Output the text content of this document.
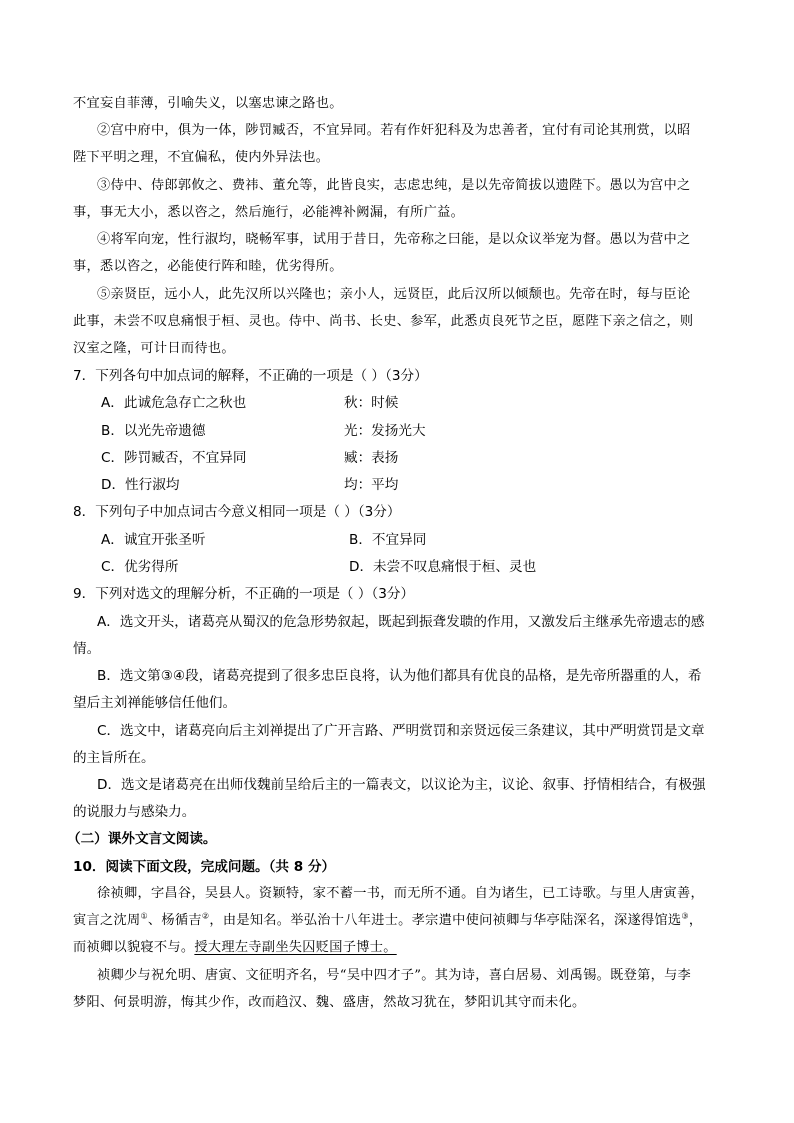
不宜妄自菲薄，引喻失义，以塞忠谏之路也。
②宫中府中，俱为一体，陟罚臧否，不宜异同。若有作奸犯科及为忠善者，宜付有司论其刑赏，以昭
陛下平明之理，不宜偏私，使内外异法也。
③侍中、侍郎郭攸之、费祎、董允等，此皆良实，志虑忠纯，是以先帝简拔以遗陛下。愚以为宫中之
事，事无大小，悉以咨之，然后施行，必能裨补阙漏，有所广益。
④将军向宠，性行淑均，晓畅军事，试用于昔日，先帝称之曰能，是以众议举宠为督。愚以为营中之
事，悉以咨之，必能使行阵和睦，优劣得所。
⑤亲贤臣，远小人，此先汉所以兴隆也；亲小人，远贤臣，此后汉所以倾颓也。先帝在时，每与臣论
此事，未尝不叹息痛恨于桓、灵也。侍中、尚书、长史、参军，此悉贞良死节之臣，愿陛下亲之信之，则
汉室之隆，可计日而待也。
7．下列各句中加点词的解释，不正确的一项是（ ）（3分）
A．此诚危急存亡之秋也	秋：时候
B．以光先帝遗德	光：发扬光大
C．陟罚臧否，不宜异同	臧：表扬
D．性行淑均	均：平均
8．下列句子中加点词古今意义相同一项是（ ）（3分）
A．诚宜开张圣听	B．不宜异同
C．优劣得所	D．未尝不叹息痛恨于桓、灵也
9．下列对选文的理解分析，不正确的一项是（ ）（3分）
A．选文开头，诸葛亮从蜀汉的危急形势叙起，既起到振聋发聩的作用，又激发后主继承先帝遗志的感
情。
B．选文第③④段，诸葛亮提到了很多忠臣良将，认为他们都具有优良的品格，是先帝所器重的人，希
望后主刘禅能够信任他们。
C．选文中，诸葛亮向后主刘禅提出了广开言路、严明赏罚和亲贤远佞三条建议，其中严明赏罚是文章
的主旨所在。
D．选文是诸葛亮在出师伐魏前呈给后主的一篇表文，以议论为主，议论、叙事、抒情相结合，有极强
的说服力与感染力。
（二）课外文言文阅读。
10．阅读下面文段，完成问题。（共 8 分）
徐祯卿，字昌谷，吴县人。资颖特，家不蓄一书，而无所不通。自为诸生，已工诗歌。与里人唐寅善，
寅言之沈周①、杨循吉②，由是知名。举弘治十八年进士。孝宗遣中使问祯卿与华亭陆深名，深遂得馆选③，
而祯卿以貌寝不与。授大理左寺副坐失囚贬国子博士。
祯卿少与祝允明、唐寅、文征明齐名，号“吴中四才子”。其为诗，喜白居易、刘禹锡。既登第，与李
梦阳、何景明游，悔其少作，改而趋汉、魏、盛唐，然故习犹在，梦阳讥其守而未化。
